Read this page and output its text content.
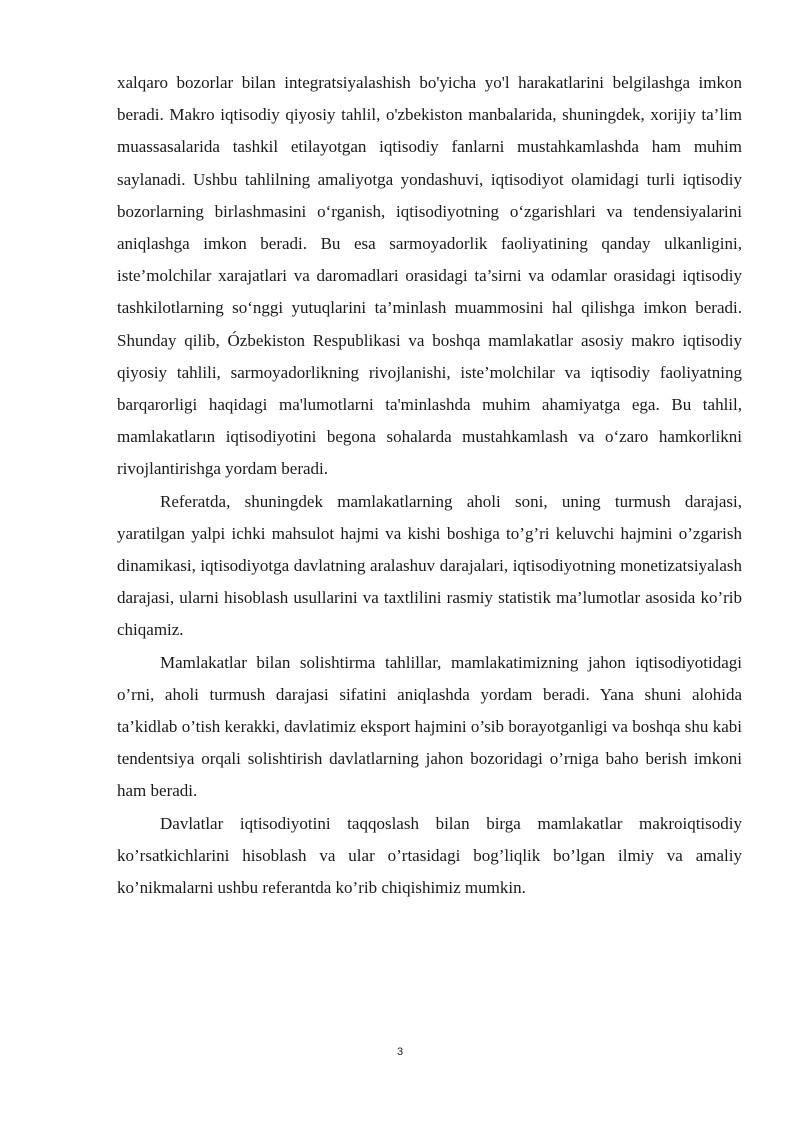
xalqaro bozorlar bilan integratsiyalashish bo'yicha yo'l harakatlarini belgilashga imkon beradi. Makro iqtisodiy qiyosiy tahlil, o'zbekiston manbalarida, shuningdek, xorijiy ta’lim muassasalarida tashkil etilayotgan iqtisodiy fanlarni mustahkamlashda ham muhim saylanadi. Ushbu tahlilning amaliyotga yondashuvi, iqtisodiyot olamidagi turli iqtisodiy bozorlarning birlashmasini o‘rganish, iqtisodiyotning o‘zgarishlari va tendensiyalarini aniqlashga imkon beradi. Bu esa sarmoyadorlik faoliyatining qanday ulkanligini, iste’molchilar xarajatlari va daromadlari orasidagi ta’sirni va odamlar orasidagi iqtisodiy tashkilotlarning so‘nggi yutuqlarini ta’minlash muammosini hal qilishga imkon beradi. Shunday qilib, Ózbekiston Respublikasi va boshqa mamlakatlar asosiy makro iqtisodiy qiyosiy tahlili, sarmoyadorlikning rivojlanishi, iste’molchilar va iqtisodiy faoliyatning barqarorligi haqidagi ma'lumotlarni ta'minlashda muhim ahamiyatga ega. Bu tahlil, mamlakatların iqtisodiyotini begona sohalarda mustahkamlash va o‘zaro hamkorlikni rivojlantirishga yordam beradi.

Referatda, shuningdek mamlakatlarning aholi soni, uning turmush darajasi, yaratilgan yalpi ichki mahsulot hajmi va kishi boshiga to’g’ri keluvchi hajmini o’zgarish dinamikasi, iqtisodiyotga davlatning aralashuv darajalari, iqtisodiyotning monetizatsiyalash darajasi, ularni hisoblash usullarini va taxtlilini rasmiy statistik ma’lumotlar asosida ko’rib chiqamiz.

Mamlakatlar bilan solishtirma tahlillar, mamlakatimizning jahon iqtisodiyotidagi o’rni, aholi turmush darajasi sifatini aniqlashda yordam beradi. Yana shuni alohida ta’kidlab o’tish kerakki, davlatimiz eksport hajmini o’sib borayotganligi va boshqa shu kabi tendentsiya orqali solishtirish davlatlarning jahon bozoridagi o’rniga baho berish imkoni ham beradi.

Davlatlar iqtisodiyotini taqqoslash bilan birga mamlakatlar makroiqtisodiy ko’rsatkichlarini hisoblash va ular o’rtasidagi bog’liqlik bo’lgan ilmiy va amaliy ko’nikmalarni ushbu referantda ko’rib chiqishimiz mumkin.

3
